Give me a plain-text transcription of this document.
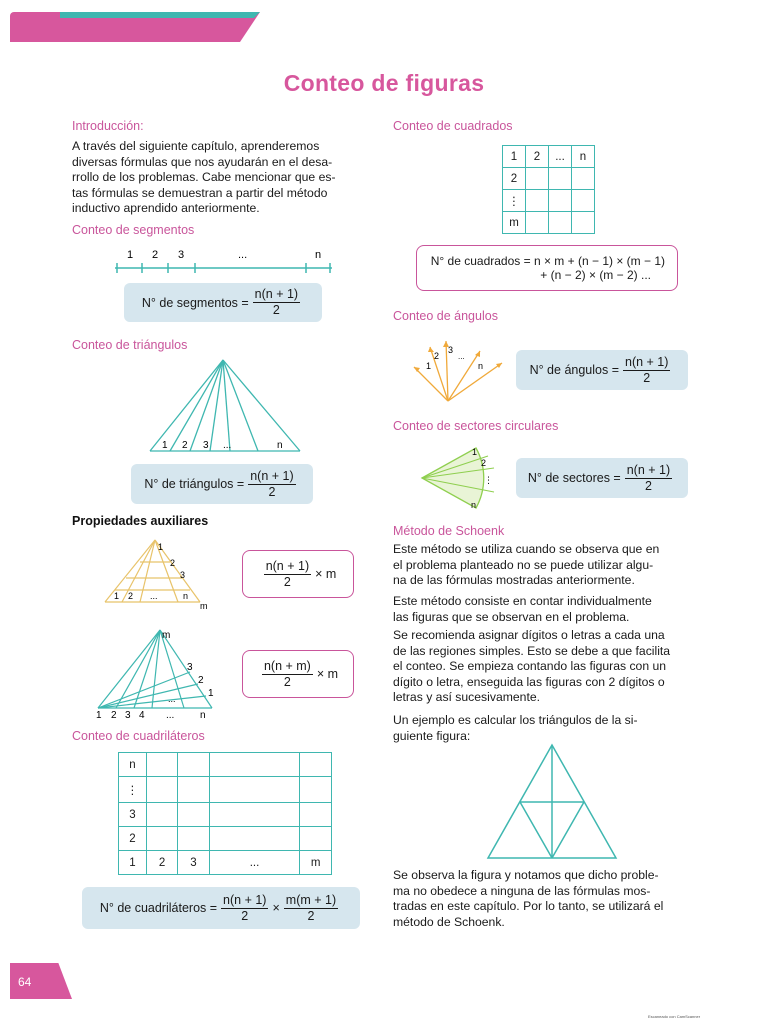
Conteo de figuras
Introducción:
A través del siguiente capítulo, aprenderemos
diversas fórmulas que nos ayudarán en el desa-
rrollo de los problemas. Cabe mencionar que es-
tas fórmulas se demuestran a partir del método
inductivo aprendido anteriormente.
Conteo de segmentos
1 2 3	...	n
N° de segmentos = $\frac{n(n + 1)}{2}$
Conteo de triángulos
1 2 3 ...	n
N° de triángulos = $\frac{n(n + 1)}{2}$
Propiedades auxiliares
1
2
3
1 2 ...	n
m
$\frac{n(n + 1)}{2} \times m$
m
3
2
1
1 2 3 4 ...	n
...
$\frac{n(n + m)}{2} \times m$
Conteo de cuadriláteros
n				
⋮				
3				
2				
1	2	3	...	m
N° de cuadriláteros = $\frac{n(n + 1)}{2} \times \frac{m(m + 1)}{2}$
Conteo de cuadrados
1	2	...	n
2			
⋮			
m			
N° de cuadrados = n × m + (n − 1) × (m − 1)
+ (n − 2) × (m − 2) ...
Conteo de ángulos
1
2
3
...
n	N° de ángulos = $\frac{n(n + 1)}{2}$
Conteo de sectores circulares
1
2
⋮
n
N° de sectores = $\frac{n(n + 1)}{2}$
Método de Schoenk
Este método se utiliza cuando se observa que en
el problema planteado no se puede utilizar algu-
na de las fórmulas mostradas anteriormente.
Este método consiste en contar individualmente
las figuras que se observan en el problema.
Se recomienda asignar dígitos o letras a cada una
de las regiones simples. Esto se debe a que facilita
el conteo. Se empieza contando las figuras con un
dígito o letra, enseguida las figuras con 2 dígitos o
letras y así sucesivamente.
Un ejemplo es calcular los triángulos de la si-
guiente figura:
Se observa la figura y notamos que dicho proble-
ma no obedece a ninguna de las fórmulas mos-
tradas en este capítulo. Por lo tanto, se utilizará el
método de Schoenk.
64
Escaneado con CamScanner
